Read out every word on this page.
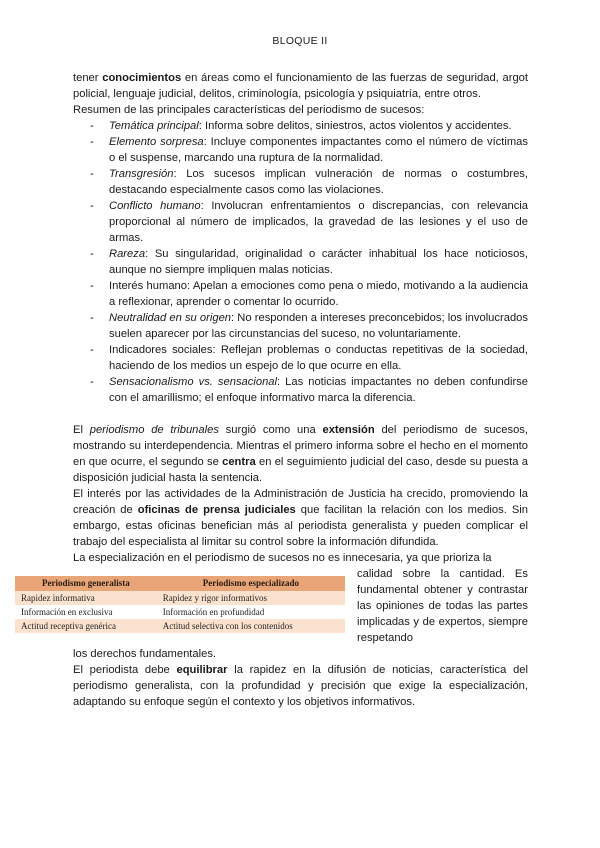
BLOQUE II

tener conocimientos en áreas como el funcionamiento de las fuerzas de seguridad, argot policial, lenguaje judicial, delitos, criminología, psicología y psiquiatría, entre otros.

Resumen de las principales características del periodismo de sucesos:

- Temática principal: Informa sobre delitos, siniestros, actos violentos y accidentes.
- Elemento sorpresa: Incluye componentes impactantes como el número de víctimas o el suspense, marcando una ruptura de la normalidad.
- Transgresión: Los sucesos implican vulneración de normas o costumbres, destacando especialmente casos como las violaciones.
- Conflicto humano: Involucran enfrentamientos o discrepancias, con relevancia proporcional al número de implicados, la gravedad de las lesiones y el uso de armas.
- Rareza: Su singularidad, originalidad o carácter inhabitual los hace noticiosos, aunque no siempre impliquen malas noticias.
- Interés humano: Apelan a emociones como pena o miedo, motivando a la audiencia a reflexionar, aprender o comentar lo ocurrido.
- Neutralidad en su origen: No responden a intereses preconcebidos; los involucrados suelen aparecer por las circunstancias del suceso, no voluntariamente.
- Indicadores sociales: Reflejan problemas o conductas repetitivas de la sociedad, haciendo de los medios un espejo de lo que ocurre en ella.
- Sensacionalismo vs. sensacional: Las noticias impactantes no deben confundirse con el amarillismo; el enfoque informativo marca la diferencia.

El periodismo de tribunales surgió como una extensión del periodismo de sucesos, mostrando su interdependencia. Mientras el primero informa sobre el hecho en el momento en que ocurre, el segundo se centra en el seguimiento judicial del caso, desde su puesta a disposición judicial hasta la sentencia.

El interés por las actividades de la Administración de Justicia ha crecido, promoviendo la creación de oficinas de prensa judiciales que facilitan la relación con los medios. Sin embargo, estas oficinas benefician más al periodista generalista y pueden complicar el trabajo del especialista al limitar su control sobre la información difundida.

La especialización en el periodismo de sucesos no es innecesaria, ya que prioriza la

Periodismo generalista	Periodismo especializado
Rapidez informativa	Rapidez y rigor informativos
Información en exclusiva	Información en profundidad
Actitud receptiva genérica	Actitud selectiva con los contenidos

calidad sobre la cantidad. Es fundamental obtener y contrastar las opiniones de todas las partes implicadas y de expertos, siempre respetando

los derechos fundamentales.

El periodista debe equilibrar la rapidez en la difusión de noticias, característica del periodismo generalista, con la profundidad y precisión que exige la especialización, adaptando su enfoque según el contexto y los objetivos informativos.
